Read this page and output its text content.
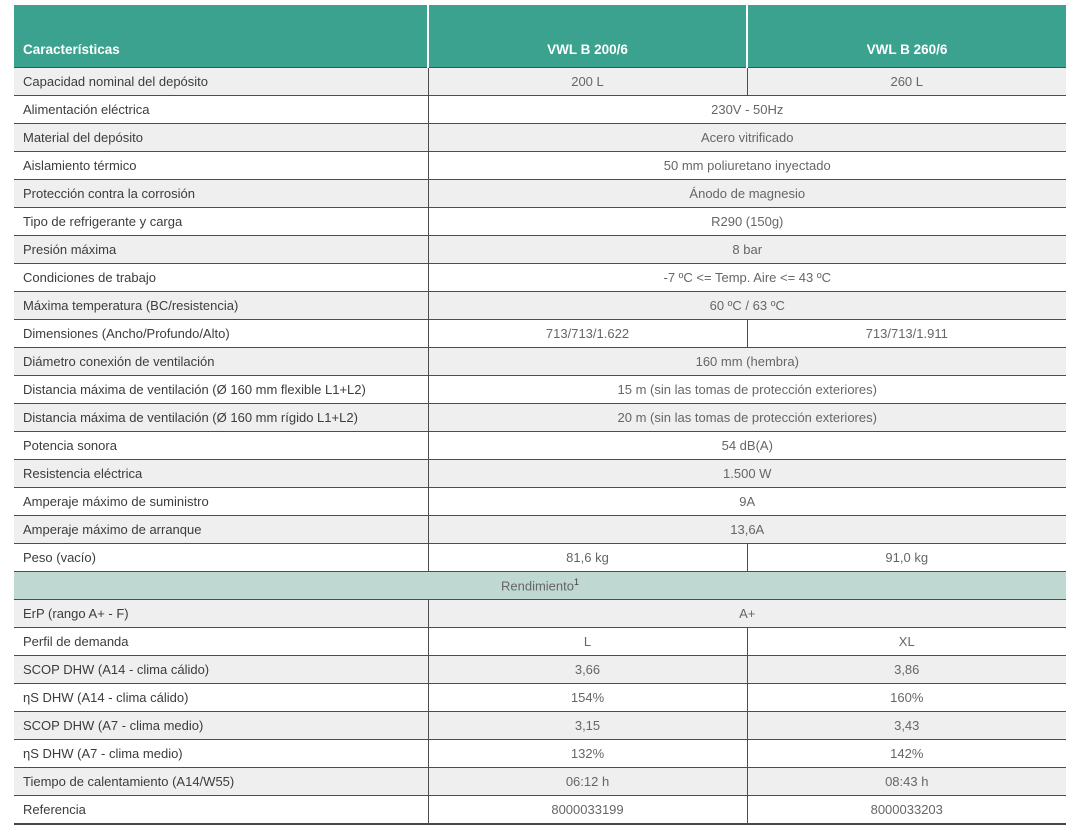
Características	VWL B 200/6	VWL B 260/6
Capacidad nominal del depósito	200 L	260 L
Alimentación eléctrica	230V - 50Hz	
Material del depósito	Acero vitrificado	
Aislamiento térmico	50 mm poliuretano inyectado	
Protección contra la corrosión	Ánodo de magnesio	
Tipo de refrigerante y carga	R290 (150g)	
Presión máxima	8 bar	
Condiciones de trabajo	-7 ºC <= Temp. Aire <= 43 ºC	
Máxima temperatura (BC/resistencia)	60 ºC / 63 ºC	
Dimensiones (Ancho/Profundo/Alto)	713/713/1.622	713/713/1.911
Diámetro conexión de ventilación	160 mm (hembra)	
Distancia máxima de ventilación (Ø 160 mm flexible L1+L2)	15 m (sin las tomas de protección exteriores)	
Distancia máxima de ventilación (Ø 160 mm rígido L1+L2)	20 m (sin las tomas de protección exteriores)	
Potencia sonora	54 dB(A)	
Resistencia eléctrica	1.500 W	
Amperaje máximo de suministro	9A	
Amperaje máximo de arranque	13,6A	
Peso (vacío)	81,6 kg	91,0 kg
Rendimiento$^1$
ErP (rango A+ - F)	A+	
Perfil de demanda	L	XL
SCOP DHW (A14 - clima cálido)	3,66	3,86
ηS DHW (A14 - clima cálido)	154%	160%
SCOP DHW (A7 - clima medio)	3,15	3,43
ηS DHW (A7 - clima medio)	132%	142%
Tiempo de calentamiento (A14/W55)	06:12 h	08:43 h
Referencia	8000033199	8000033203
